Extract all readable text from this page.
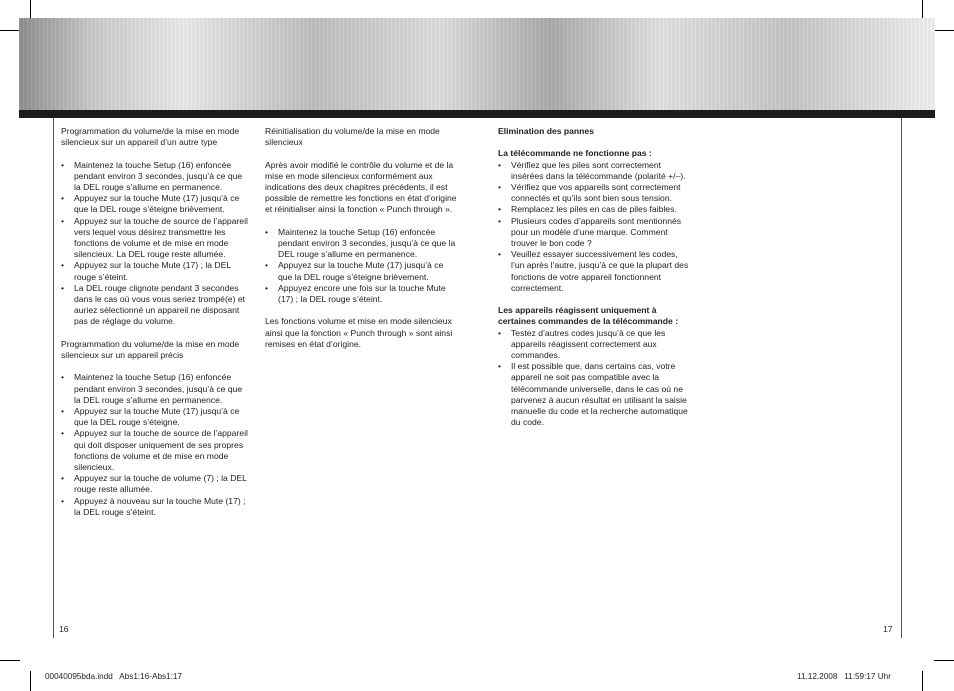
Programmation du volume/de la mise en mode silencieux sur un appareil d’un autre type

• Maintenez la touche Setup (16) enfoncée pendant environ 3 secondes, jusqu’à ce que la DEL rouge s’allume en permanence.
• Appuyez sur la touche Mute (17) jusqu’à ce que la DEL rouge s’éteigne brièvement.
• Appuyez sur la touche de source de l’appareil vers lequel vous désirez transmettre les fonctions de volume et de mise en mode silencieux. La DEL rouge reste allumée.
• Appuyez sur la touche Mute (17) ; la DEL rouge s’éteint.
• La DEL rouge clignote pendant 3 secondes dans le cas où vous vous seriez trompé(e) et auriez sélectionné un appareil ne disposant pas de réglage du volume.

Programmation du volume/de la mise en mode silencieux sur un appareil précis

• Maintenez la touche Setup (16) enfoncée pendant environ 3 secondes, jusqu’à ce que la DEL rouge s’allume en permanence.
• Appuyez sur la touche Mute (17) jusqu’à ce que la DEL rouge s’éteigne.
• Appuyez sur la touche de source de l’appareil qui doit disposer uniquement de ses propres fonctions de volume et de mise en mode silencieux.
• Appuyez sur la touche de volume (7) ; la DEL rouge reste allumée.
• Appuyez à nouveau sur la touche Mute (17) ; la DEL rouge s’éteint.

Réinitialisation du volume/de la mise en mode silencieux

Après avoir modifié le contrôle du volume et de la mise en mode silencieux conformément aux indications des deux chapitres précédents, il est possible de remettre les fonctions en état d’origine et réinitialiser ainsi la fonction « Punch through ».

• Maintenez la touche Setup (16) enfoncée pendant environ 3 secondes, jusqu’à ce que la DEL rouge s’allume en permanence.
• Appuyez sur la touche Mute (17) jusqu’à ce que la DEL rouge s’éteigne brièvement.
• Appuyez encore une fois sur la touche Mute (17) ; la DEL rouge s’éteint.

Les fonctions volume et mise en mode silencieux ainsi que la fonction « Punch through » sont ainsi remises en état d’origine.

Elimination des pannes

La télécommande ne fonctionne pas :
• Vérifiez que les piles sont correctement insérées dans la télécommande (polarité +/–).
• Vérifiez que vos appareils sont correctement connectés et qu’ils sont bien sous tension.
• Remplacez les piles en cas de piles faibles.
• Plusieurs codes d’appareils sont mentionnés pour un modèle d’une marque. Comment trouver le bon code ?
• Veuillez essayer successivement les codes, l’un après l’autre, jusqu’à ce que la plupart des fonctions de votre appareil fonctionnent correctement.
Les appareils réagissent uniquement à certaines commandes de la télécommande :
• Testez d’autres codes jusqu’à ce que les appareils réagissent correctement aux commandes.
• Il est possible que, dans certains cas, votre appareil ne soit pas compatible avec la télécommande universelle, dans le cas où ne parvenez à aucun résultat en utilisant la saisie manuelle du code et la recherche automatique du code.
16	17
00040095bda.indd   Abs1:16-Abs1:17	11.12.2008   11:59:17 Uhr
